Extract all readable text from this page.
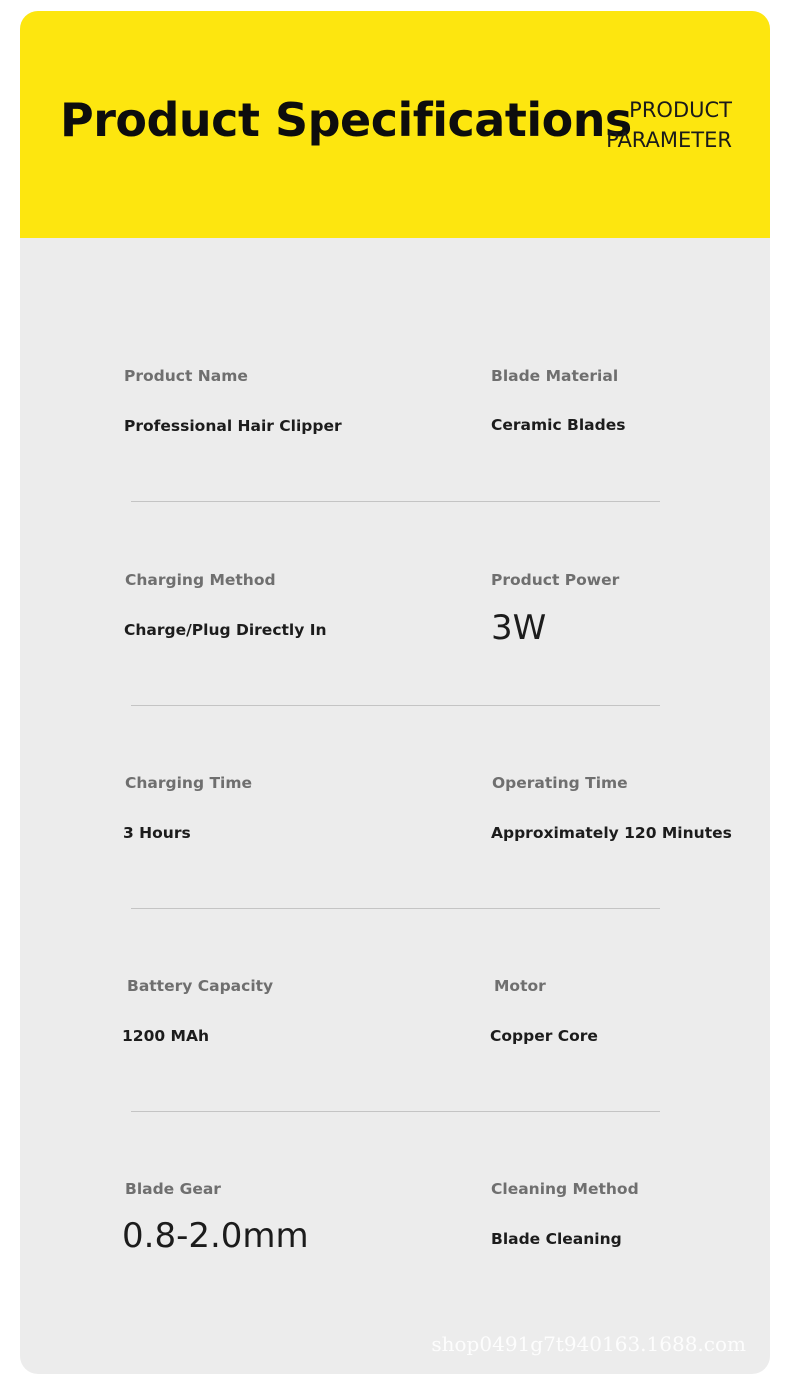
Product Specifications
PRODUCT
PARAMETER
Product Name
Professional Hair Clipper
Blade Material
Ceramic Blades
Charging Method
Charge/Plug Directly In
Product Power
3W
Charging Time
3 Hours
Operating Time
Approximately 120 Minutes
Battery Capacity
1200 MAh
Motor
Copper Core
Blade Gear
0.8-2.0mm
Cleaning Method
Blade Cleaning
shop0491g7t940163.1688.com
